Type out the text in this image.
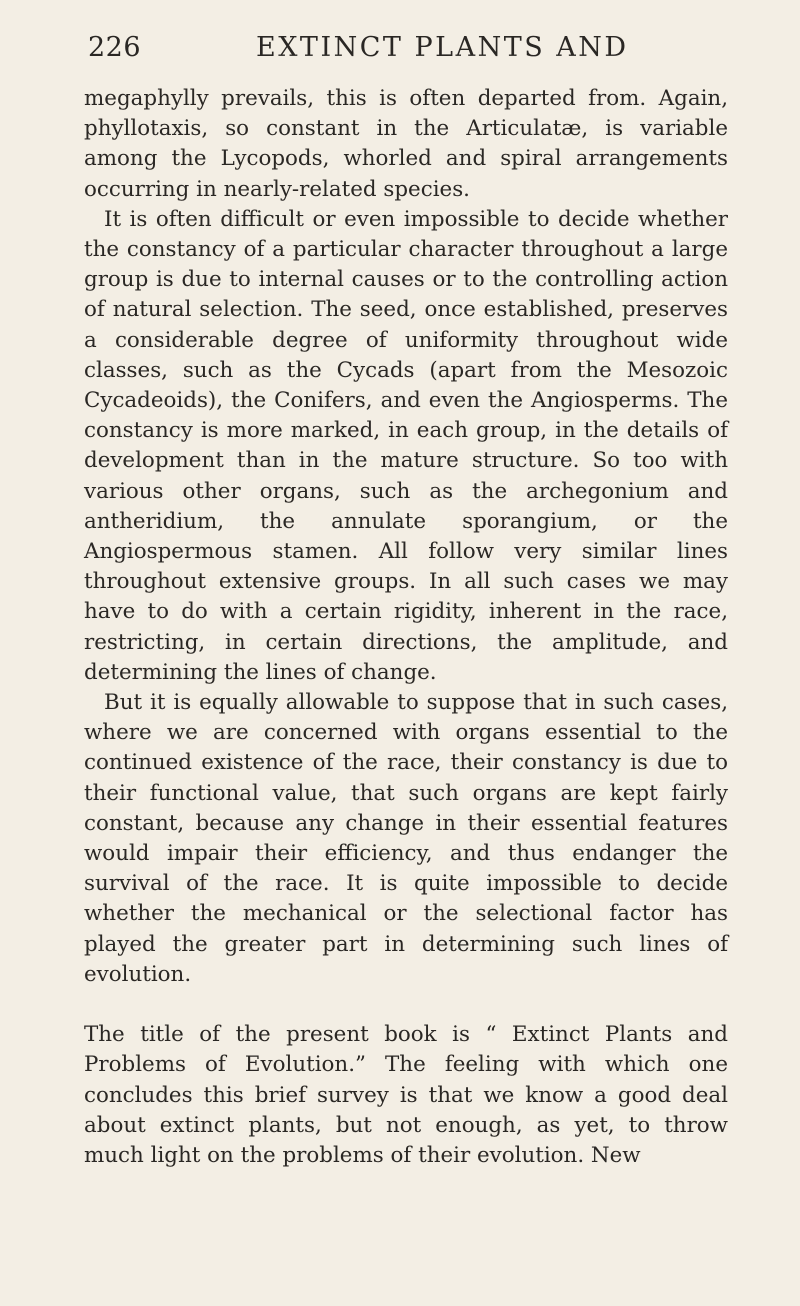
226	EXTINCT PLANTS AND

megaphylly prevails, this is often departed from. Again, phyllotaxis, so constant in the Articulatæ, is variable among the Lycopods, whorled and spiral arrangements occurring in nearly-related species.

It is often difficult or even impossible to decide whether the constancy of a particular character throughout a large group is due to internal causes or to the controlling action of natural selection. The seed, once established, preserves a considerable degree of uniformity throughout wide classes, such as the Cycads (apart from the Mesozoic Cycadeoids), the Conifers, and even the Angiosperms. The constancy is more marked, in each group, in the details of development than in the mature structure. So too with various other organs, such as the archegonium and antheridium, the annulate sporangium, or the Angiospermous stamen. All follow very similar lines throughout extensive groups. In all such cases we may have to do with a certain rigidity, inherent in the race, restricting, in certain directions, the amplitude, and determining the lines of change.

But it is equally allowable to suppose that in such cases, where we are concerned with organs essential to the continued existence of the race, their constancy is due to their functional value, that such organs are kept fairly constant, because any change in their essential features would impair their efficiency, and thus endanger the survival of the race. It is quite impossible to decide whether the mechanical or the selectional factor has played the greater part in determining such lines of evolution.

The title of the present book is “ Extinct Plants and Problems of Evolution.” The feeling with which one concludes this brief survey is that we know a good deal about extinct plants, but not enough, as yet, to throw much light on the problems of their evolution. New
